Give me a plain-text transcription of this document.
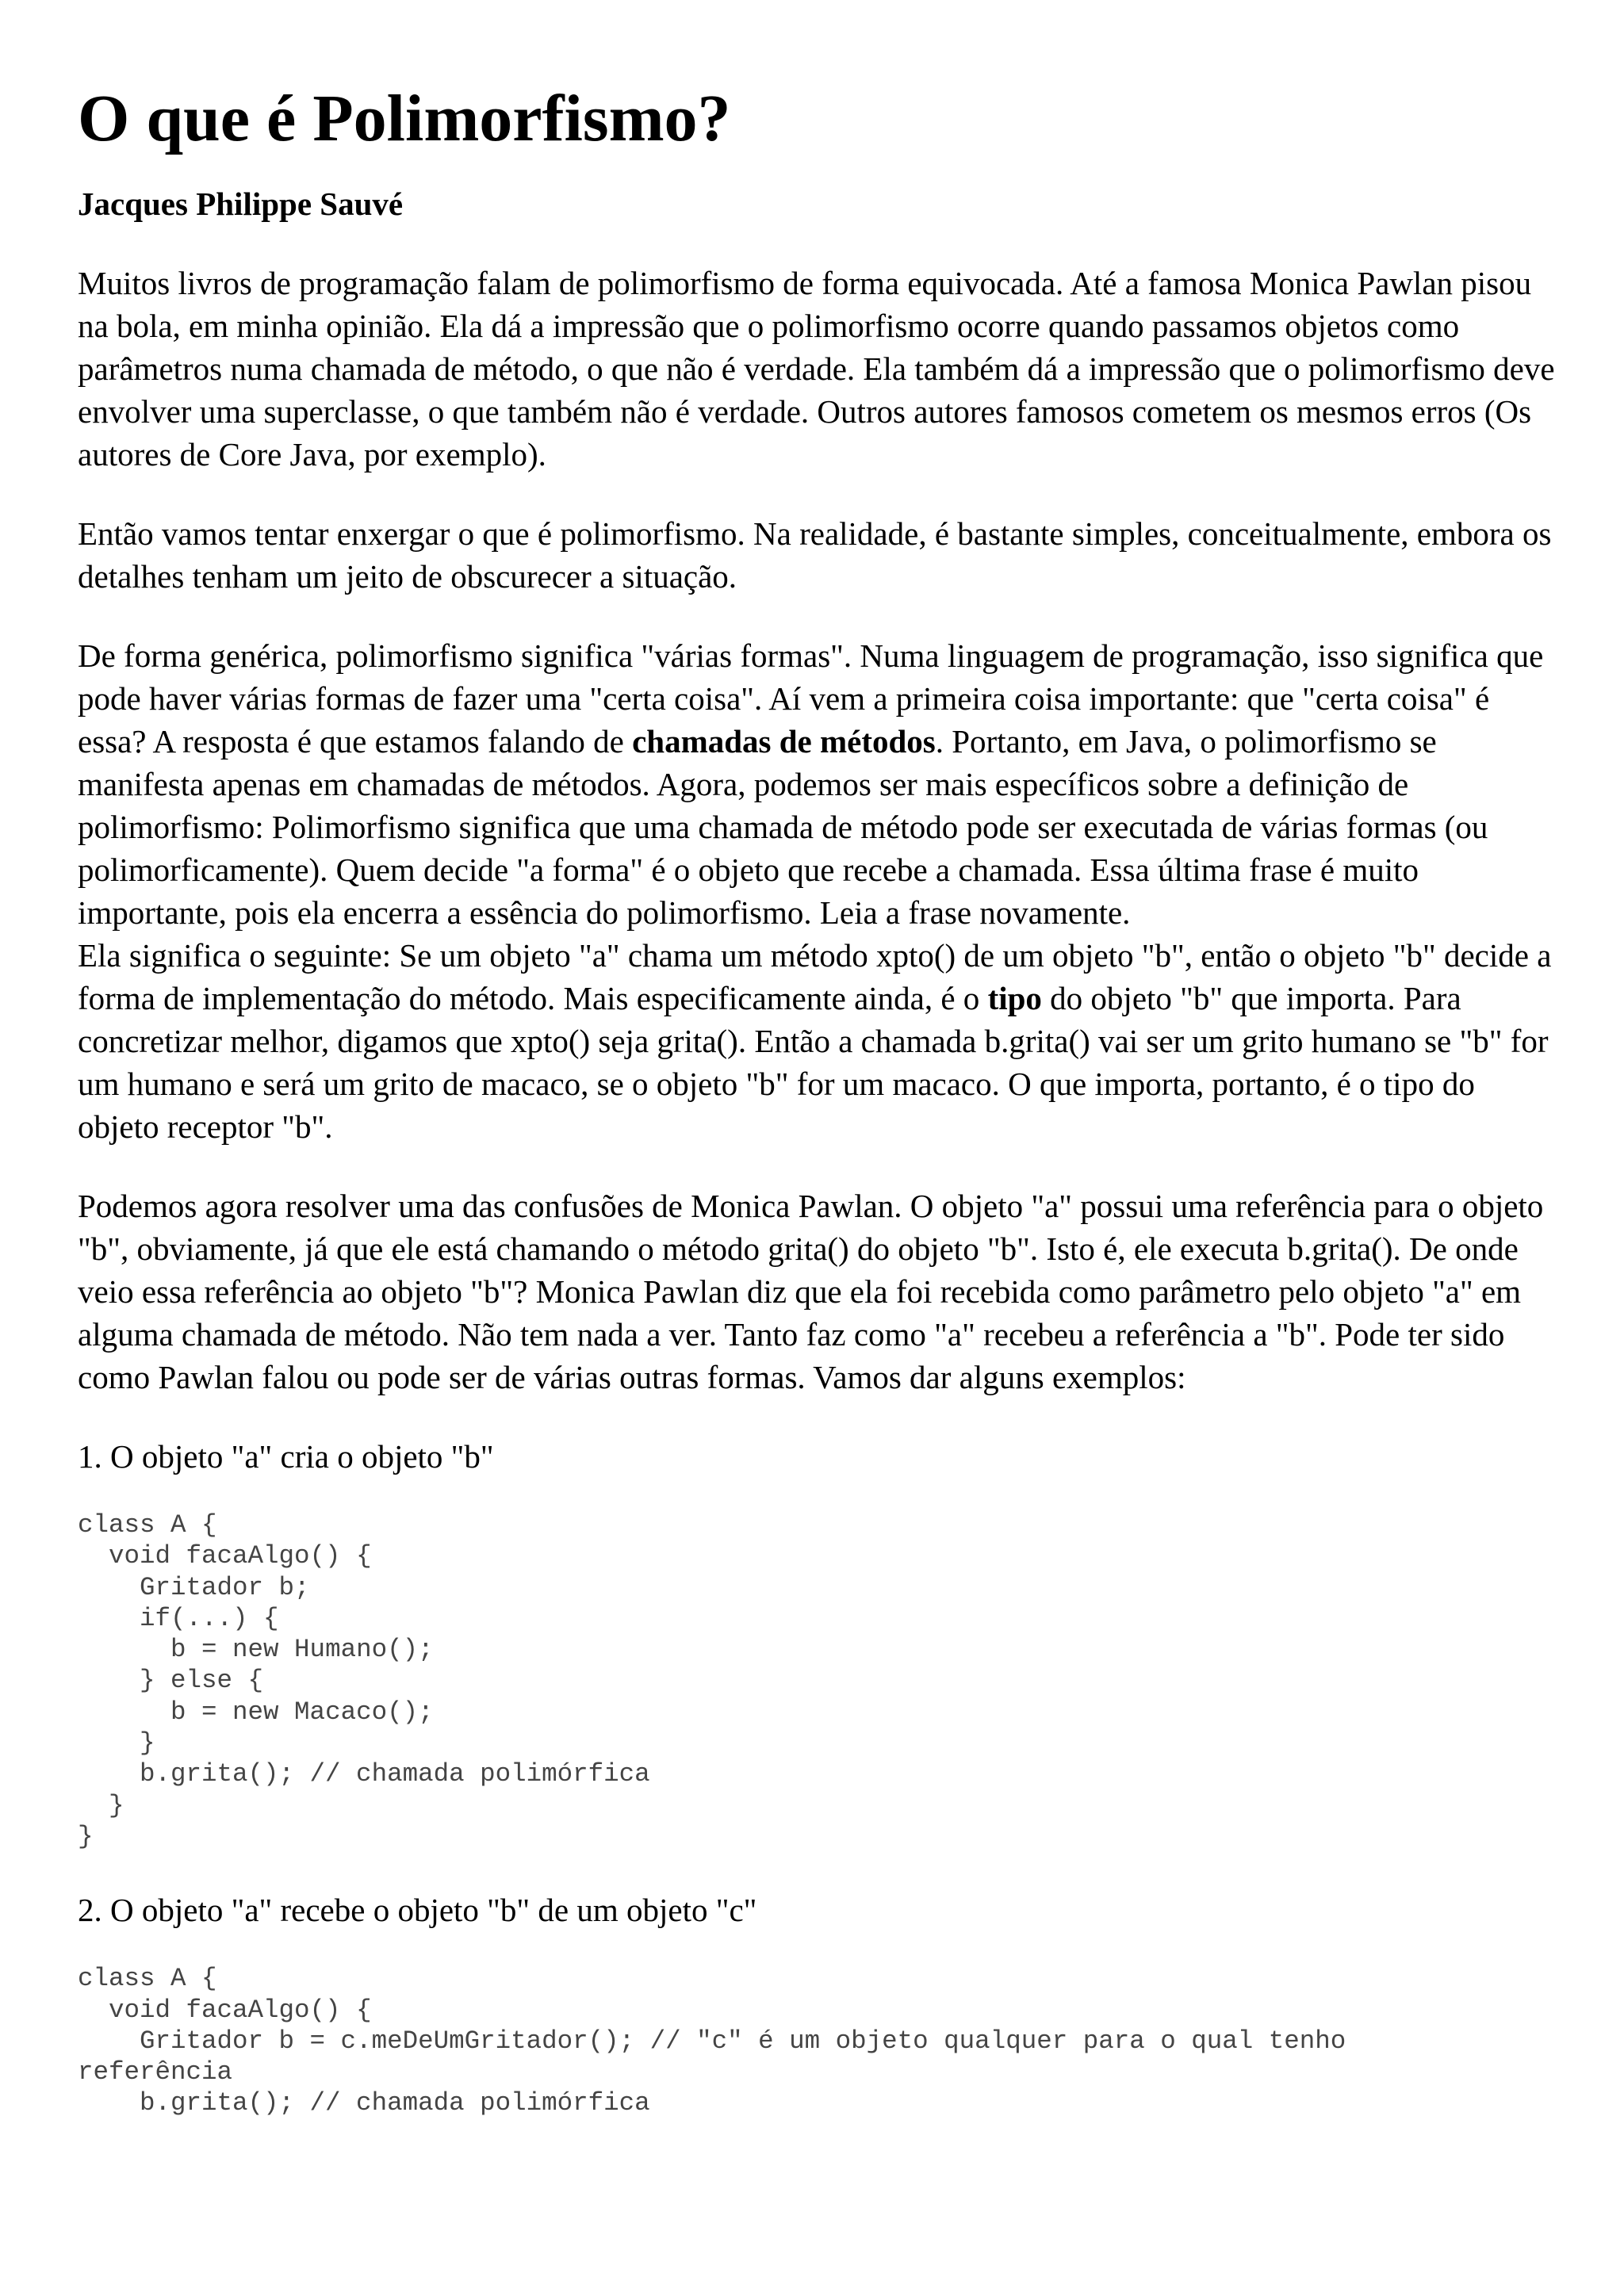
O que é Polimorfismo?
Jacques Philippe Sauvé

Muitos livros de programação falam de polimorfismo de forma equivocada. Até a famosa Monica Pawlan pisou na bola, em minha opinião. Ela dá a impressão que o polimorfismo ocorre quando passamos objetos como parâmetros numa chamada de método, o que não é verdade. Ela também dá a impressão que o polimorfismo deve envolver uma superclasse, o que também não é verdade. Outros autores famosos cometem os mesmos erros (Os autores de Core Java, por exemplo).

Então vamos tentar enxergar o que é polimorfismo. Na realidade, é bastante simples, conceitualmente, embora os detalhes tenham um jeito de obscurecer a situação.

De forma genérica, polimorfismo significa "várias formas". Numa linguagem de programação, isso significa que pode haver várias formas de fazer uma "certa coisa". Aí vem a primeira coisa importante: que "certa coisa" é essa? A resposta é que estamos falando de chamadas de métodos. Portanto, em Java, o polimorfismo se manifesta apenas em chamadas de métodos. Agora, podemos ser mais específicos sobre a definição de polimorfismo: Polimorfismo significa que uma chamada de método pode ser executada de várias formas (ou polimorficamente). Quem decide "a forma" é o objeto que recebe a chamada. Essa última frase é muito importante, pois ela encerra a essência do polimorfismo. Leia a frase novamente.

Ela significa o seguinte: Se um objeto "a" chama um método xpto() de um objeto "b", então o objeto "b" decide a forma de implementação do método. Mais especificamente ainda, é o tipo do objeto "b" que importa. Para concretizar melhor, digamos que xpto() seja grita(). Então a chamada b.grita() vai ser um grito humano se "b" for um humano e será um grito de macaco, se o objeto "b" for um macaco. O que importa, portanto, é o tipo do objeto receptor "b".

Podemos agora resolver uma das confusões de Monica Pawlan. O objeto "a" possui uma referência para o objeto "b", obviamente, já que ele está chamando o método grita() do objeto "b". Isto é, ele executa b.grita(). De onde veio essa referência ao objeto "b"? Monica Pawlan diz que ela foi recebida como parâmetro pelo objeto "a" em alguma chamada de método. Não tem nada a ver. Tanto faz como "a" recebeu a referência a "b". Pode ter sido como Pawlan falou ou pode ser de várias outras formas. Vamos dar alguns exemplos:

1. O objeto "a" cria o objeto "b"
class A {
void facaAlgo() {
Gritador b;
if(...) {
b = new Humano();
} else {
b = new Macaco();
}
b.grita(); // chamada polimórfica
}
}
2. O objeto "a" recebe o objeto "b" de um objeto "c"
class A {
void facaAlgo() {
Gritador b = c.meDeUmGritador(); // "c" é um objeto qualquer para o qual tenho
referência
b.grita(); // chamada polimórfica
